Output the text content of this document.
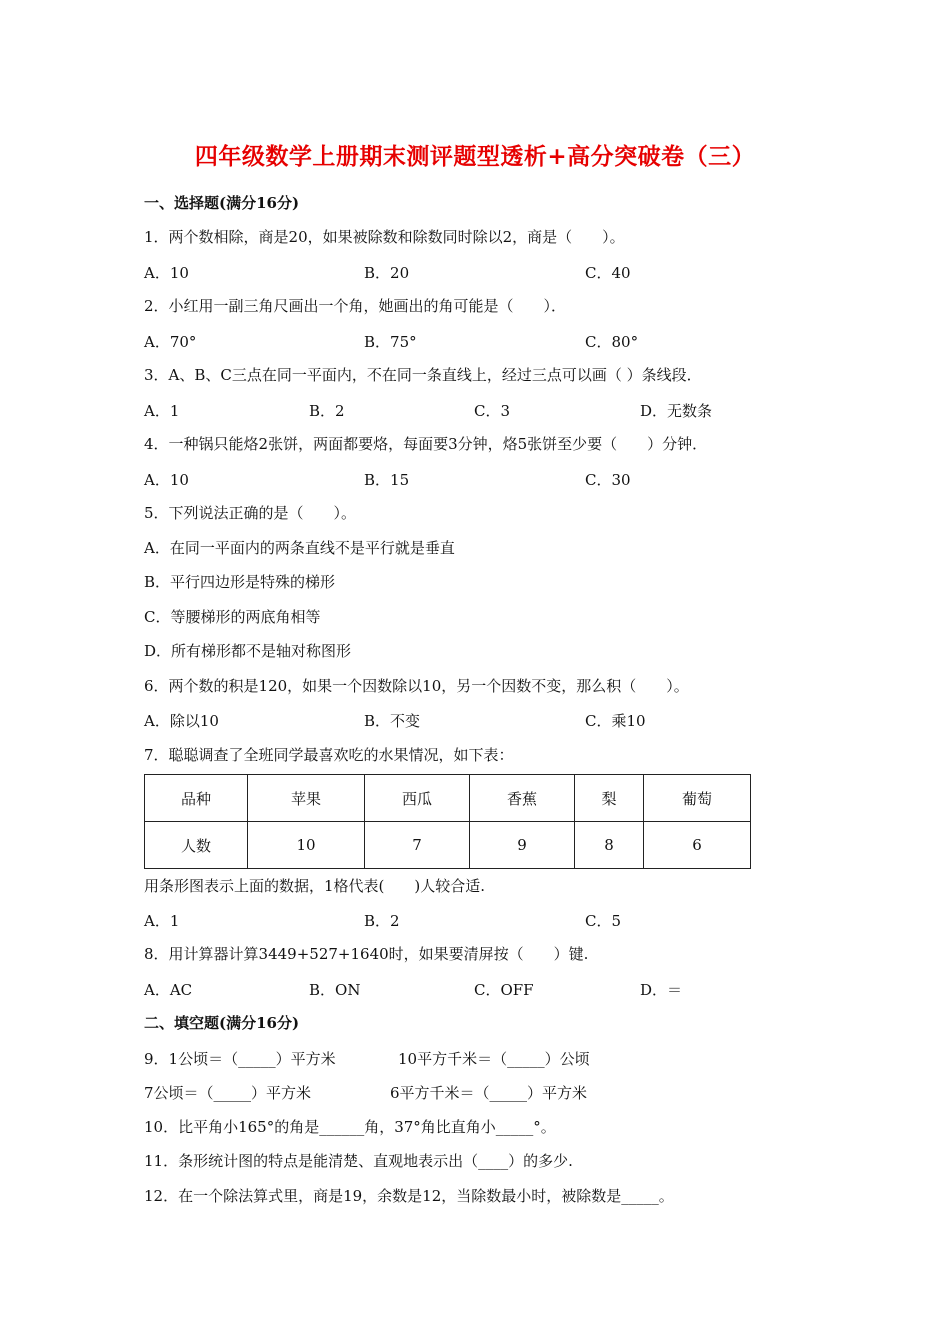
四年级数学上册期末测评题型透析+高分突破卷（三）
一、选择题(满分16分)
1．两个数相除，商是20，如果被除数和除数同时除以2，商是（　　）。
A．10	B．20	C．40
2．小红用一副三角尺画出一个角，她画出的角可能是（　　）．
A．70°	B．75°	C．80°
3．A、B、C三点在同一平面内，不在同一条直线上，经过三点可以画（ ）条线段．
A．1	B．2	C．3	D．无数条
4．一种锅只能烙2张饼，两面都要烙，每面要3分钟，烙5张饼至少要（　　）分钟．
A．10	B．15	C．30
5．下列说法正确的是（　　）。
A．在同一平面内的两条直线不是平行就是垂直
B．平行四边形是特殊的梯形
C．等腰梯形的两底角相等
D．所有梯形都不是轴对称图形
6．两个数的积是120，如果一个因数除以10，另一个因数不变，那么积（　　）。
A．除以10	B．不变	C．乘10
7．聪聪调查了全班同学最喜欢吃的水果情况，如下表：
品种	苹果	西瓜	香蕉	梨	葡萄
人数	10	7	9	8	6
用条形图表示上面的数据，1格代表(　　)人较合适.
A．1	B．2	C．5
8．用计算器计算3449+527+1640时，如果要清屏按（　　）键.
A．AC	B．ON	C．OFF	D．＝
二、填空题(满分16分)
9．1公顷＝（_____）平方米	10平方千米＝（_____）公顷
7公顷＝（_____）平方米	6平方千米＝（_____）平方米
10．比平角小165°的角是______角，37°角比直角小_____°。
11．条形统计图的特点是能清楚、直观地表示出（____）的多少.
12．在一个除法算式里，商是19，余数是12，当除数最小时，被除数是_____。
